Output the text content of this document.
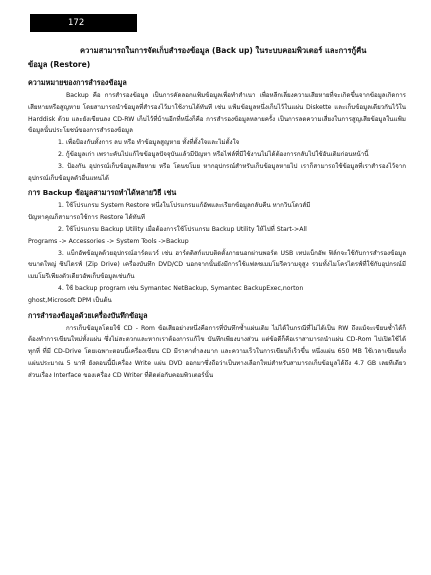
172

ความสามารถในการจัดเก็บสำรองข้อมูล (Back up) ในระบบคอมพิวเตอร์ และการกู้คืน

ข้อมูล (Restore)

ความหมายของการสำรองข้อมูล

Backup คือ การสำรองข้อมูล เป็นการคัดลอกแฟ้มข้อมูลเพื่อทำสำเนา เพื่อหลีกเลี่ยงความเสียหายที่จะเกิดขึ้นจากข้อมูลเกิดการเสียหายหรือสูญหาย โดยสามารถนำข้อมูลที่สำรองไว้มาใช้งานได้ทันที เช่น แฟ้มข้อมูลหนึ่งเก็บไว้ในแผ่น Diskette และเก็บข้อมูลเดียวกันไว้ใน Harddisk ด้วย และยังเขียนลง CD-RW เก็บไว้ที่บ้านอีกที่หนึ่งก็คือ การสำรองข้อมูลหลายครั้ง เป็นการลดความเสี่ยงในการสูญเสียข้อมูลในแฟ้มข้อมูลนั้นประโยชน์ของการสำรองข้อมูล

1. เพื่อป้องกันทั้งการ ลบ หรือ ทำข้อมูลสูญหาย ทั้งที่ตั้งใจและไม่ตั้งใจ

2. กู้ข้อมูลเก่า เพราะคันไปแก้ไขข้อมูลปัจจุบันแล้วมีปัญหา หรือไฟล์ที่มีใช้งานไม่ได้ต้องการกลับไปใช้อันเดิมก่อนหน้านี้

3. ป้องกัน อุปกรณ์เก็บข้อมูลเสียหาย หรือ โดนขโมย หากอุปกรณ์สำหรับเก็บข้อมูลหายไป เราก็สามารถใช้ข้อมูลที่เราสำรองไว้จากอุปกรณ์เก็บข้อมูลตัวอื่นแทนได้

การ Backup ข้อมูลสามารถทำได้หลายวิธี เช่น

1. ใช้โปรแกรม System Restore หนึ่งในโปรแกรมแก้อัพและเรียกข้อมูลกลับคืน หากวินโดวส์มี

ปัญหาคุณก็สามารถใช้การ Restore ได้ทันที

2. ใช้โปรแกรม Backup Utility เมื่อต้องการใช้โปรแกรม Backup Utility ให้ไปที่ Start->All

Programs -> Accessories -> System Tools ->Backup

3. แบ็กอัพข้อมูลด้วยอุปกรณ์ฮาร์ดแวร์ เช่น ฮาร์ดดิสก์แบบติดตั้งภายนอกผ่านพอร์ต USB เทปแบ็กอัพ ฟิล์กจะใช้กับการสำรองข้อมูลขนาดใหญ่ ซิปไดรฟ์ (Zip Drive) เครื่องบันทึก DVD/CD นอกจากนั้นยังมีการใช้แฟลชเมมโมรีความจุสูง รวมทั้งไมโครไดรฟ์ที่ใช้กับอุปกรณ์มีเมมโมรีเพียงตัวเดียวอัพเก็บข้อมูลเช่นกัน

4. ใช้ backup program เช่น Symantec NetBackup, Symantec BackupExec,norton

ghost,Microsoft DPM เป็นต้น

การสำรองข้อมูลด้วยเครื่องบันทึกข้อมูล

การเก็บข้อมูลโดยใช้ CD - Rom ข้อเสียอย่างหนึ่งคือการที่บันทึกซ้ำแผ่นเดิม ไม่ได้ในกรณีที่ไม่ได้เป็น RW ถึงแม้จะเขียนซ้ำได้ก็ต้องทำการเขียนใหม่ทั้งแผ่น ซึ่งไม่สะดวกและหากเราต้องการแก้ไข บันทึกเพียงบางส่วน แต่ข้อดีก็คือเราสามารถนำแผ่น CD-Rom ไปเปิดใช้ได้ทุกที่ ที่มี CD-Drive โดยเฉพาะตอนนี้เครื่องเขียน CD มีราคาต่ำลงมาก และความเร็วในการเขียนก็เร็วขึ้น หนึ่งแผ่น 650 MB ใช้เวลาเขียนทั้งแผ่นประมาณ 5 นาที ยังตอนนี้มีเครื่อง Write แผ่น DVD ออกมาซึ่งถือว่าเป็นทางเลือกใหม่สำหรับสามารถเก็บข้อมูลได้ถึง 4.7 GB เลยทีเดียว ส่วนเรื่อง Interface ของเครื่อง CD Writer ที่ติดต่อกับคอมพิวเตอร์นั้น
